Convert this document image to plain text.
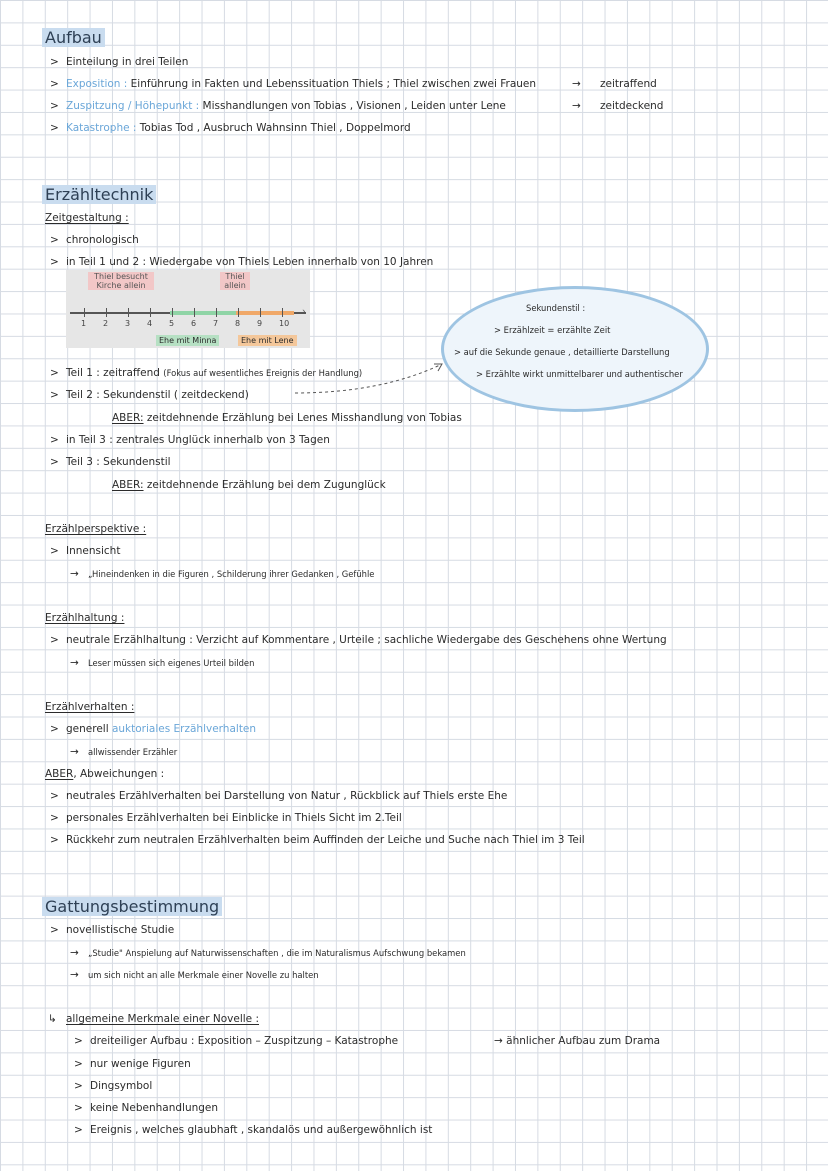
Aufbau
> Einteilung in drei Teilen
> Exposition : Einführung in Fakten und Lebenssituation Thiels ; Thiel zwischen zwei Frauen	→ zeitraffend
> Zuspitzung / Höhepunkt : Misshandlungen von Tobias , Visionen , Leiden unter Lene	→ zeitdeckend
> Katastrophe : Tobias Tod , Ausbruch Wahnsinn Thiel , Doppelmord
Erzähltechnik
Zeitgestaltung :
> chronologisch
> in Teil 1 und 2 : Wiedergabe von Thiels Leben innerhalb von 10 Jahren
Thiel besucht Kirche allein
Thiel allein
›
1 2 3 4 5 6 7 8 9 10
Ehe mit Minna	Ehe mit Lene
Sekundenstil :
> Erzählzeit = erzählte Zeit
> auf die Sekunde genaue , detaillierte Darstellung
> Erzählte wirkt unmittelbarer und authentischer
> Teil 1 : zeitraffend (Fokus auf wesentliches Ereignis der Handlung)
> Teil 2 : Sekundenstil ( zeitdeckend)
ABER: zeitdehnende Erzählung bei Lenes Misshandlung von Tobias
> in Teil 3 : zentrales Unglück innerhalb von 3 Tagen
> Teil 3 : Sekundenstil
ABER: zeitdehnende Erzählung bei dem Zugunglück
Erzählperspektive :
> Innensicht
→ „Hineindenken in die Figuren , Schilderung ihrer Gedanken , Gefühle
Erzählhaltung :
> neutrale Erzählhaltung : Verzicht auf Kommentare , Urteile ; sachliche Wiedergabe des Geschehens ohne Wertung
→ Leser müssen sich eigenes Urteil bilden
Erzählverhalten :
> generell auktoriales Erzählverhalten
→ allwissender Erzähler
ABER, Abweichungen :
> neutrales Erzählverhalten bei Darstellung von Natur , Rückblick auf Thiels erste Ehe
> personales Erzählverhalten bei Einblicke in Thiels Sicht im 2.Teil
> Rückkehr zum neutralen Erzählverhalten beim Auffinden der Leiche und Suche nach Thiel im 3 Teil
Gattungsbestimmung
> novellistische Studie
→ „Studie" Anspielung auf Naturwissenschaften , die im Naturalismus Aufschwung bekamen
→ um sich nicht an alle Merkmale einer Novelle zu halten
↳ allgemeine Merkmale einer Novelle :
> dreiteiliger Aufbau : Exposition – Zuspitzung – Katastrophe	→ ähnlicher Aufbau zum Drama
> nur wenige Figuren
> Dingsymbol
> keine Nebenhandlungen
> Ereignis , welches glaubhaft , skandalös und außergewöhnlich ist
